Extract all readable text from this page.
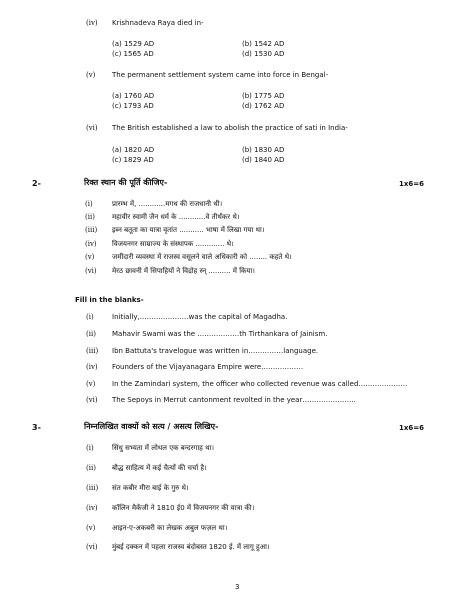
(iv) Krishnadeva Raya died in-
(a) 1529 AD	(b) 1542 AD
(c) 1565 AD	(d) 1530 AD
(v) The permanent settlement system came into force in Bengal-
(a) 1760 AD	(b) 1775 AD
(c) 1793 AD	(d) 1762 AD
(vi) The British established a law to abolish the practice of sati in India-
(a) 1820 AD	(b) 1830 AD
(c) 1829 AD	(d) 1840 AD
2-	रिक्त स्थान की पूर्ति कीजिए-	1x6=6
(i)	प्रारम्भ में, ............मगध की राजधानी थी।
(ii) महावीर स्वामी जैन धर्म के ............वे तीर्थंकर थे।
(iii) इब्न बतूता का यात्रा वृतांत ........... भाषा में लिखा गया था।
(iv) विजयनगर साम्राज्य के संस्थापक ............. थे।
(v)	जमींदारी व्यवस्था में राजस्व वसूलने वाले अधिकारी को ........ कहते थे।
(vi) मेरठ छावनी में सिपाहियों ने विद्रोह स्न् .......... में किया।
Fill in the blanks-
(i)	Initially,…………………was the capital of Magadha.
(ii) Mahavir Swami was the ………………th Tirthankara of Jainism.
(iii) Ibn Battuta's travelogue was written in……………language.
(iv) Founders of the Vijayanagara Empire were………………
(v) In the Zamindari system, the officer who collected revenue was called…………………
(vi) The Sepoys in Merrut cantonment revolted in the year…………………..
3-	निम्नलिखित वाक्यों को सत्य / असत्य लिखिए-	1x6=6
(i)	सिंधु सभ्यता में लोथल एक बन्दरगाह था।
(ii) बौद्ध साहित्य में कई चैत्यों की चर्चा है।
(iii) संत कबीर मीरा बाई के गुरु थे।
(iv) कॉलिन मैकेंजी ने 1810 ई0 में विजयनगर की यात्रा की।
(v) आइन-ए-अकबरी का लेखक अबुल फज़ल था।
(vi) मुंबई दक्कन में पहला राजस्व बंदोबस्त 1820 ई. में लागू हुआ।
3
